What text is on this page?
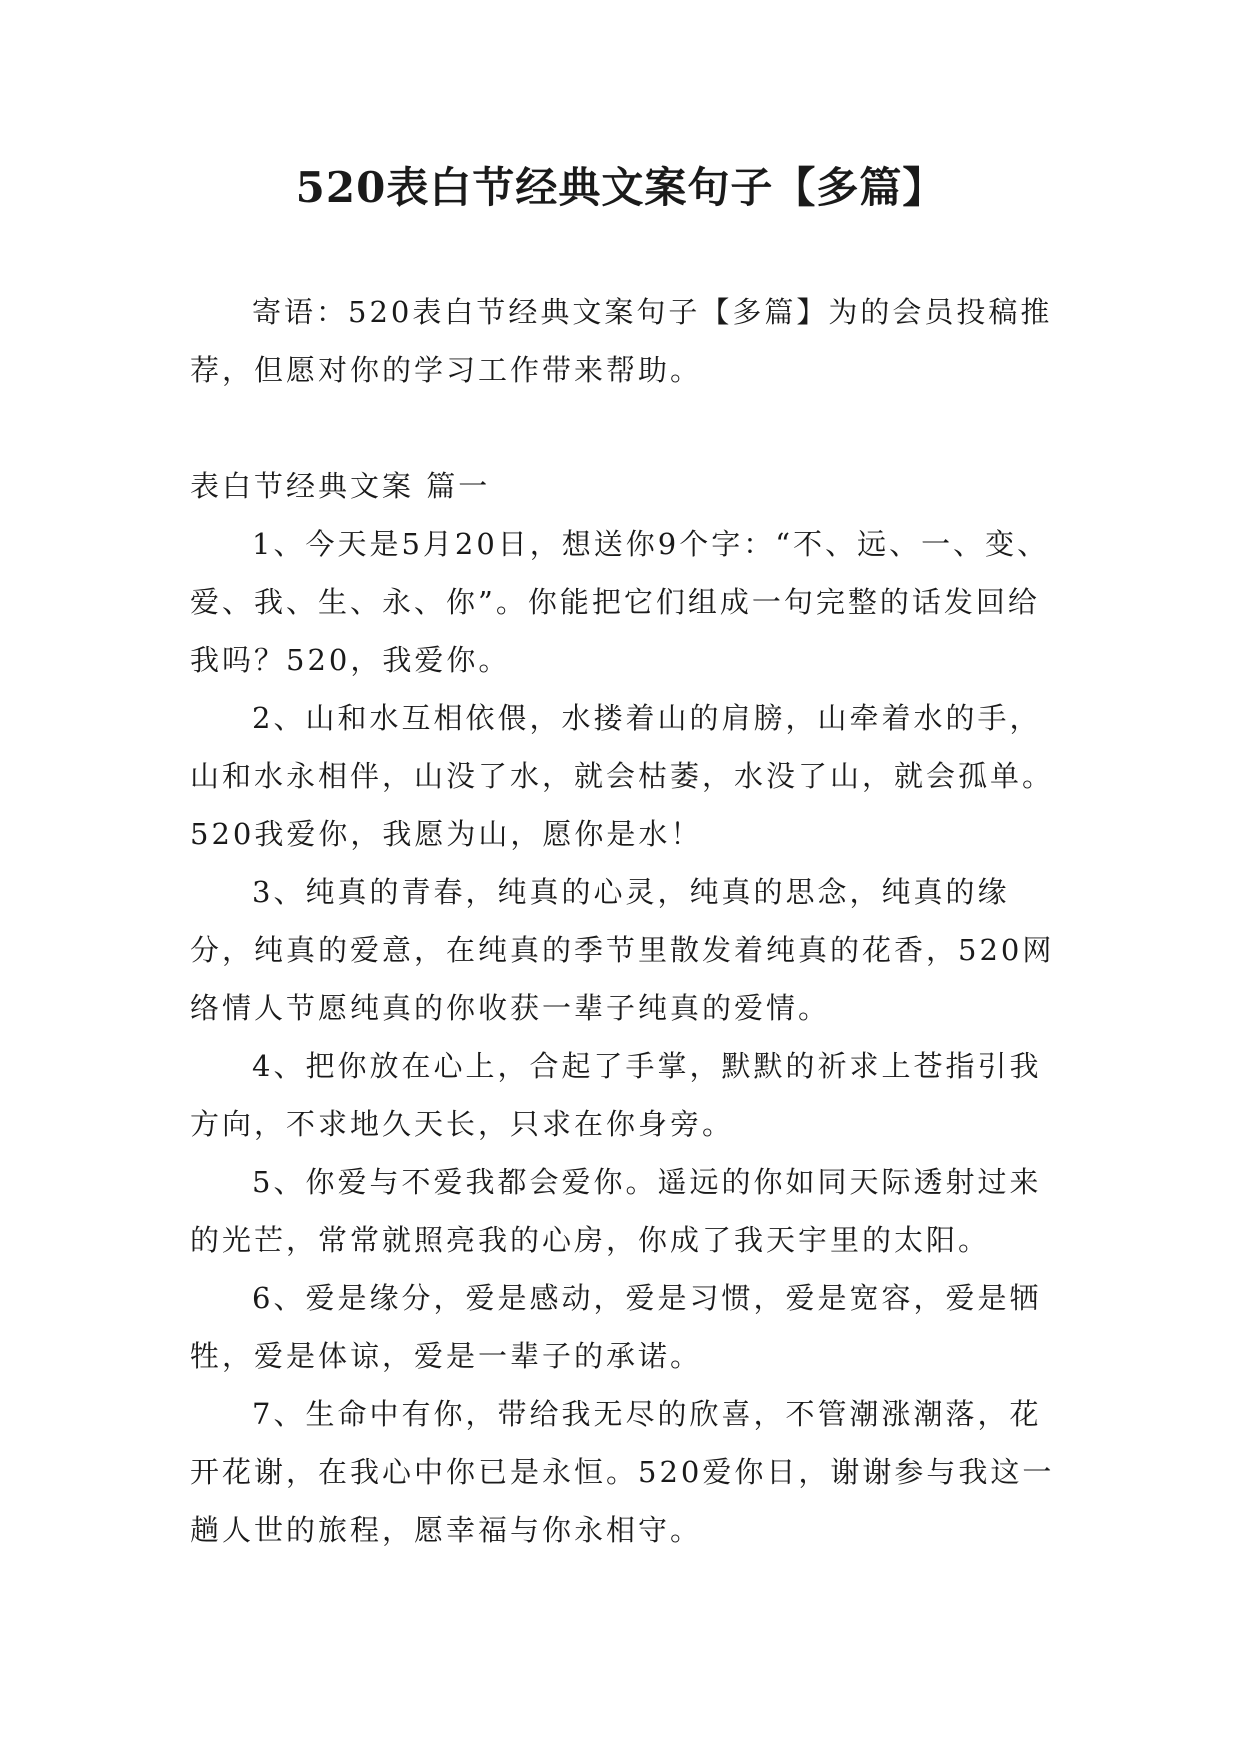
520表白节经典文案句子【多篇】

寄语：520表白节经典文案句子【多篇】为的会员投稿推荐，但愿对你的学习工作带来帮助。

表白节经典文案 篇一

1、今天是5月20日，想送你9个字：“不、远、一、变、爱、我、生、永、你”。你能把它们组成一句完整的话发回给我吗？520，我爱你。

2、山和水互相依偎，水搂着山的肩膀，山牵着水的手，山和水永相伴，山没了水，就会枯萎，水没了山，就会孤单。520我爱你，我愿为山，愿你是水！

3、纯真的青春，纯真的心灵，纯真的思念，纯真的缘分，纯真的爱意，在纯真的季节里散发着纯真的花香，520网络情人节愿纯真的你收获一辈子纯真的爱情。

4、把你放在心上，合起了手掌，默默的祈求上苍指引我方向，不求地久天长，只求在你身旁。

5、你爱与不爱我都会爱你。遥远的你如同天际透射过来的光芒，常常就照亮我的心房，你成了我天宇里的太阳。

6、爱是缘分，爱是感动，爱是习惯，爱是宽容，爱是牺牲，爱是体谅，爱是一辈子的承诺。

7、生命中有你，带给我无尽的欣喜，不管潮涨潮落，花开花谢，在我心中你已是永恒。520爱你日，谢谢参与我这一趟人世的旅程，愿幸福与你永相守。
